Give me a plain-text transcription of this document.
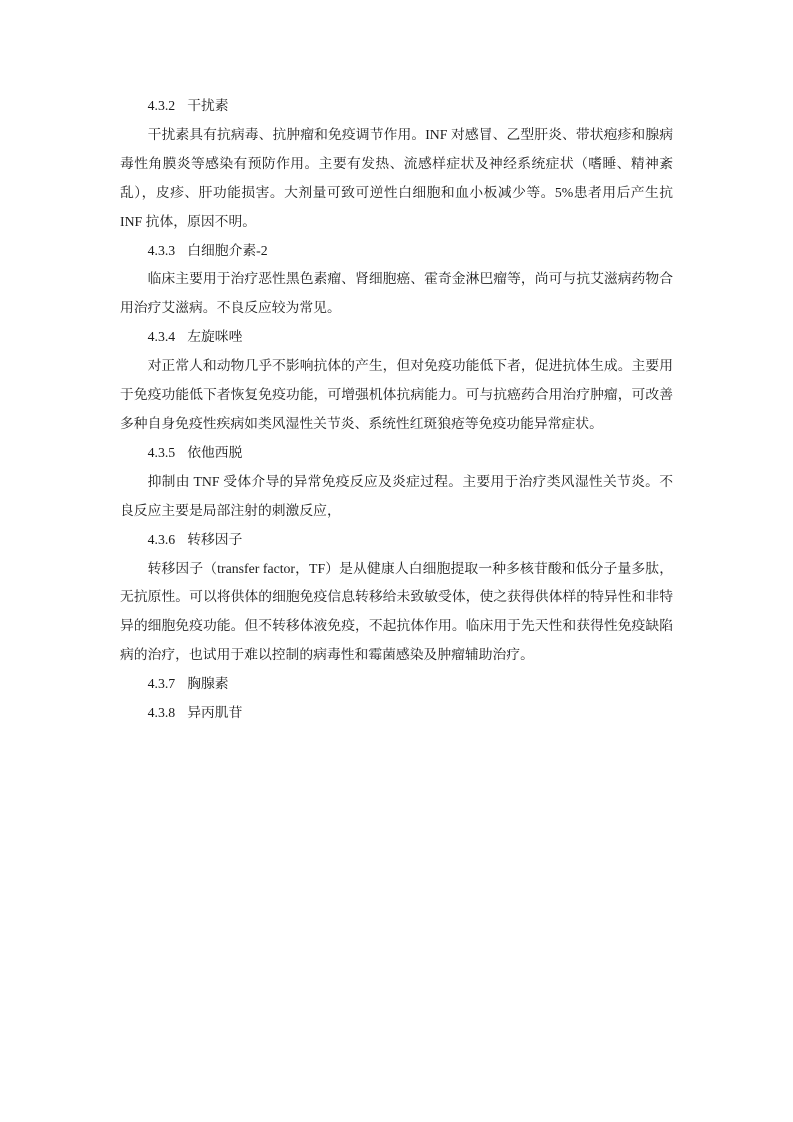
4.3.2 干扰素

干扰素具有抗病毒、抗肿瘤和免疫调节作用。INF 对感冒、乙型肝炎、带状疱疹和腺病毒性角膜炎等感染有预防作用。主要有发热、流感样症状及神经系统症状（嗜睡、精神紊乱），皮疹、肝功能损害。大剂量可致可逆性白细胞和血小板减少等。5%患者用后产生抗 INF 抗体，原因不明。

4.3.3 白细胞介素-2

临床主要用于治疗恶性黑色素瘤、肾细胞癌、霍奇金淋巴瘤等，尚可与抗艾滋病药物合用治疗艾滋病。不良反应较为常见。

4.3.4 左旋咪唑

对正常人和动物几乎不影响抗体的产生，但对免疫功能低下者，促进抗体生成。主要用于免疫功能低下者恢复免疫功能，可增强机体抗病能力。可与抗癌药合用治疗肿瘤，可改善多种自身免疫性疾病如类风湿性关节炎、系统性红斑狼疮等免疫功能异常症状。

4.3.5 依他西脱

抑制由 TNF 受体介导的异常免疫反应及炎症过程。主要用于治疗类风湿性关节炎。不良反应主要是局部注射的刺激反应，

4.3.6 转移因子

转移因子（transfer factor，TF）是从健康人白细胞提取一种多核苷酸和低分子量多肽，无抗原性。可以将供体的细胞免疫信息转移给未致敏受体，使之获得供体样的特异性和非特异的细胞免疫功能。但不转移体液免疫，不起抗体作用。临床用于先天性和获得性免疫缺陷病的治疗，也试用于难以控制的病毒性和霉菌感染及肿瘤辅助治疗。

4.3.7 胸腺素
4.3.8 异丙肌苷
